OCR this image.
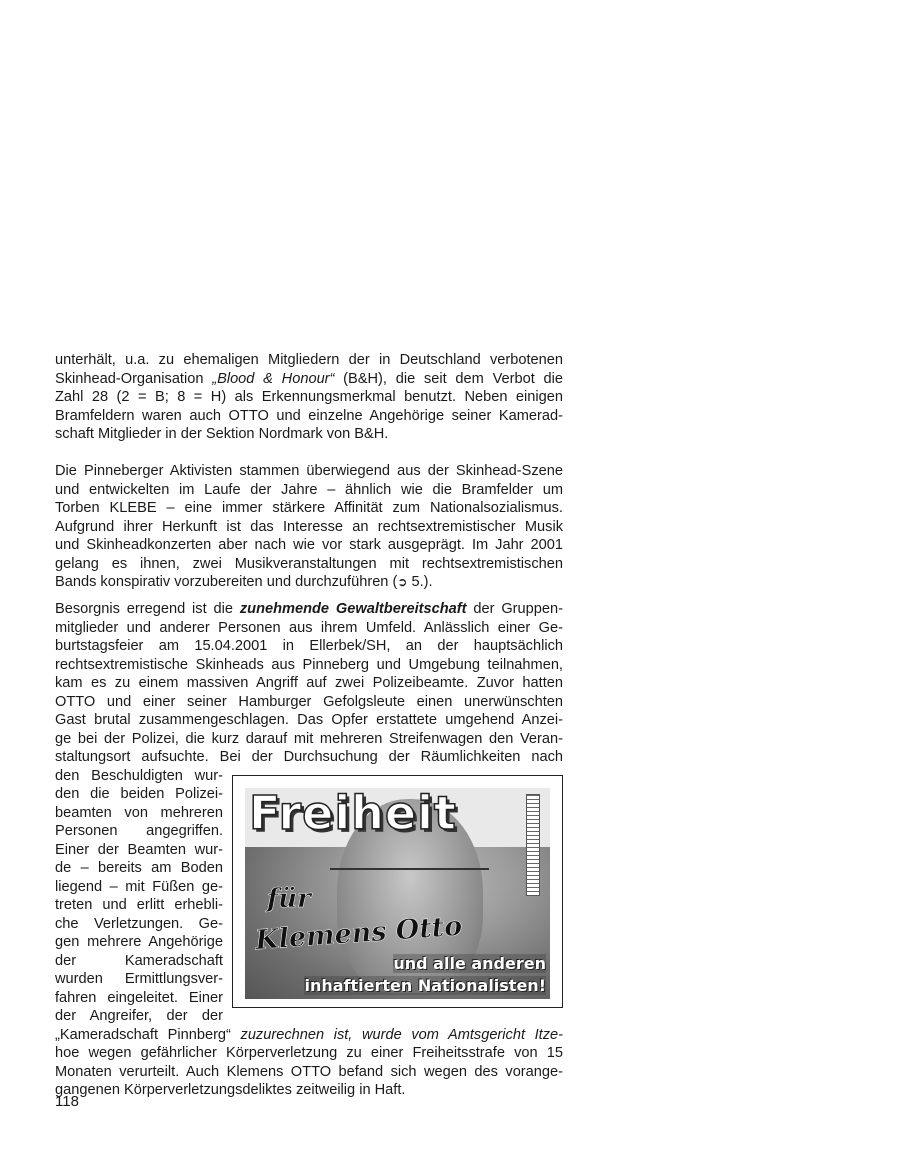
unterhält, u.a. zu ehemaligen Mitgliedern der in Deutschland verbotenen
Skinhead-Organisation „Blood & Honour“ (B&H), die seit dem Verbot die
Zahl 28 (2 = B; 8 = H) als Erkennungsmerkmal benutzt. Neben einigen
Bramfeldern waren auch OTTO und einzelne Angehörige seiner Kamerad-
schaft Mitglieder in der Sektion Nordmark von B&H.
Die Pinneberger Aktivisten stammen überwiegend aus der Skinhead-Szene
und entwickelten im Laufe der Jahre – ähnlich wie die Bramfelder um
Torben KLEBE – eine immer stärkere Affinität zum Nationalsozialismus.
Aufgrund ihrer Herkunft ist das Interesse an rechtsextremistischer Musik
und Skinheadkonzerten aber nach wie vor stark ausgeprägt. Im Jahr 2001
gelang es ihnen, zwei Musikveranstaltungen mit rechtsextremistischen
Bands konspirativ vorzubereiten und durchzuführen (➲ 5.).
Besorgnis erregend ist die zunehmende Gewaltbereitschaft der Gruppen-
mitglieder und anderer Personen aus ihrem Umfeld. Anlässlich einer Ge-
burtstagsfeier am 15.04.2001 in Ellerbek/SH, an der hauptsächlich
rechtsextremistische Skinheads aus Pinneberg und Umgebung teilnahmen,
kam es zu einem massiven Angriff auf zwei Polizeibeamte. Zuvor hatten
OTTO und einer seiner Hamburger Gefolgsleute einen unerwünschten
Gast brutal zusammengeschlagen. Das Opfer erstattete umgehend Anzei-
ge bei der Polizei, die kurz darauf mit mehreren Streifenwagen den Veran-
staltungsort aufsuchte. Bei der Durchsuchung der Räumlichkeiten nach
den Beschuldigten wur-
den die beiden Polizei-
beamten von mehreren
Personen angegriffen.
Einer der Beamten wur-
de – bereits am Boden
liegend – mit Füßen ge-
treten und erlitt erhebli-
che Verletzungen. Ge-
gen mehrere Angehörige
der Kameradschaft
wurden Ermittlungsver-
fahren eingeleitet. Einer
der Angreifer, der der
„Kameradschaft Pinnberg“ zuzurechnen ist, wurde vom Amtsgericht Itze-
hoe wegen gefährlicher Körperverletzung zu einer Freiheitsstrafe von 15
Monaten verurteilt. Auch Klemens OTTO befand sich wegen des vorange-
gangenen Körperverletzungsdeliktes zeitweilig in Haft.
Freiheit
für
Klemens Otto
und alle anderen
inhaftierten Nationalisten!
118
